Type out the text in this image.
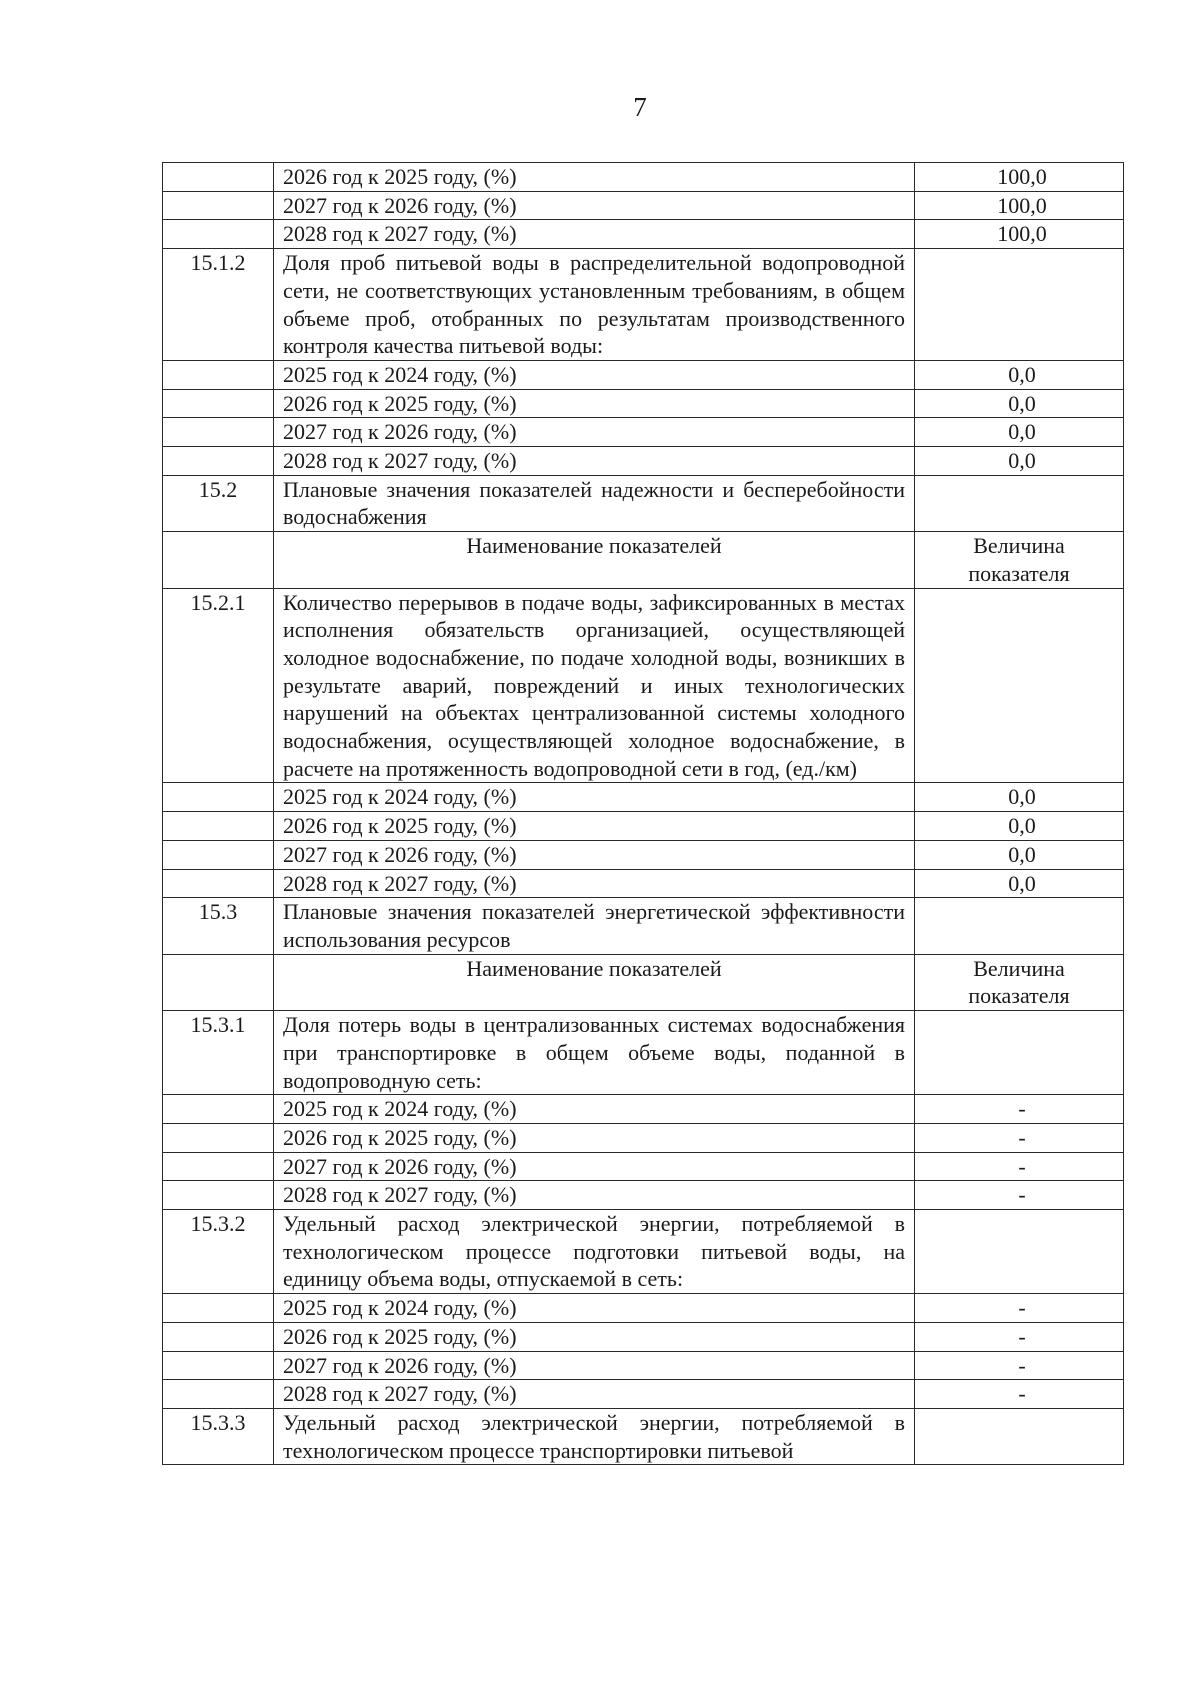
7
	2026 год к 2025 году, (%)	100,0
	2027 год к 2026 году, (%)	100,0
	2028 год к 2027 году, (%)	100,0
15.1.2	Доля проб питьевой воды в распределительной водопроводной сети, не соответствующих установленным требованиям, в общем объеме проб, отобранных по результатам производственного контроля качества питьевой воды:	
	2025 год к 2024 году, (%)	0,0
	2026 год к 2025 году, (%)	0,0
	2027 год к 2026 году, (%)	0,0
	2028 год к 2027 году, (%)	0,0
15.2	Плановые значения показателей надежности и бесперебойности водоснабжения	
	Наименование показателей	Величина показателя
15.2.1	Количество перерывов в подаче воды, зафиксированных в местах исполнения обязательств организацией, осуществляющей холодное водоснабжение, по подаче холодной воды, возникших в результате аварий, повреждений и иных технологических нарушений на объектах централизованной системы холодного водоснабжения, осуществляющей холодное водоснабжение, в расчете на протяженность водопроводной сети в год, (ед./км)	
	2025 год к 2024 году, (%)	0,0
	2026 год к 2025 году, (%)	0,0
	2027 год к 2026 году, (%)	0,0
	2028 год к 2027 году, (%)	0,0
15.3	Плановые значения показателей энергетической эффективности использования ресурсов	
	Наименование показателей	Величина показателя
15.3.1	Доля потерь воды в централизованных системах водоснабжения при транспортировке в общем объеме воды, поданной в водопроводную сеть:	
	2025 год к 2024 году, (%)	-
	2026 год к 2025 году, (%)	-
	2027 год к 2026 году, (%)	-
	2028 год к 2027 году, (%)	-
15.3.2	Удельный расход электрической энергии, потребляемой в технологическом процессе подготовки питьевой воды, на единицу объема воды, отпускаемой в сеть:	
	2025 год к 2024 году, (%)	-
	2026 год к 2025 году, (%)	-
	2027 год к 2026 году, (%)	-
	2028 год к 2027 году, (%)	-
15.3.3	Удельный расход электрической энергии, потребляемой в технологическом процессе транспортировки питьевой	
